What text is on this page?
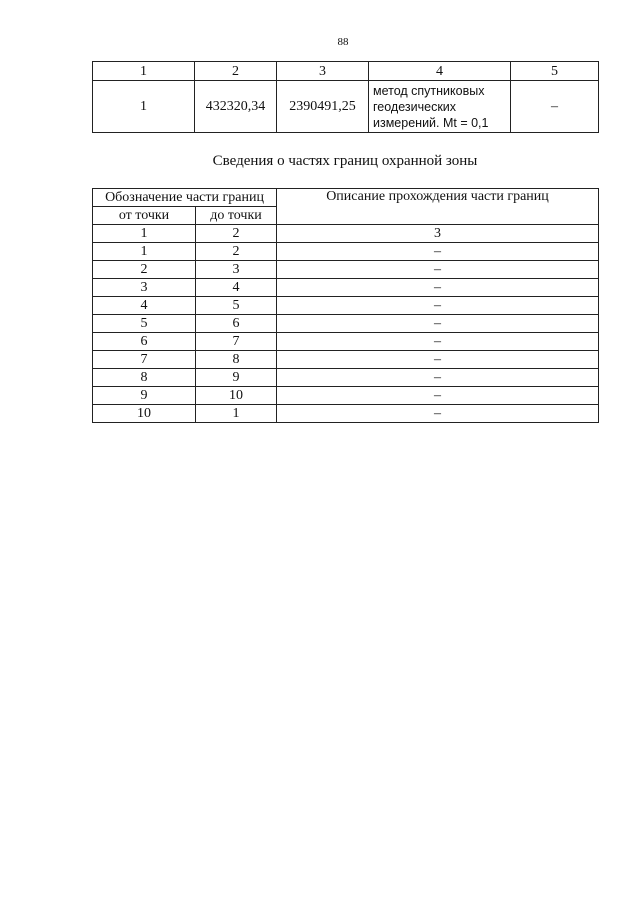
88
1	2	3	4	5
1	432320,34	2390491,25	метод спутниковых
геодезических
измерений. Mt = 0,1	–
Сведения о частях границ охранной зоны
Обозначение части границ		Описание прохождения части границ
от точки	до точки	
1	2	3
1	2	–
2	3	–
3	4	–
4	5	–
5	6	–
6	7	–
7	8	–
8	9	–
9	10	–
10	1	–
